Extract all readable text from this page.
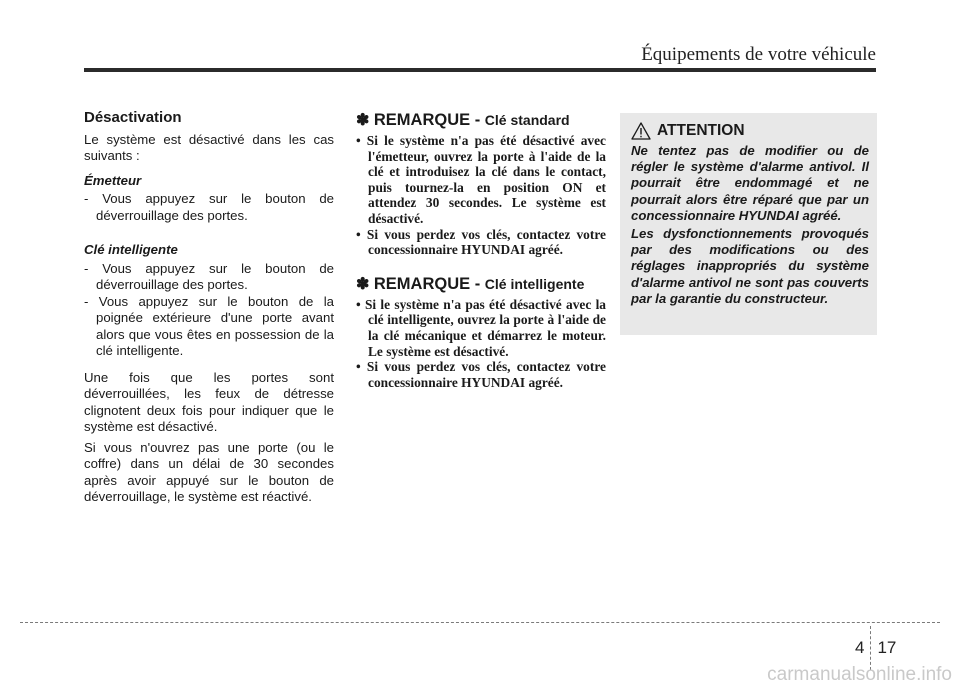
Équipements de votre véhicule
Désactivation

Le système est désactivé dans les cas suivants :

Émetteur
- Vous appuyez sur le bouton de déverrouillage des portes.
Clé intelligente
- Vous appuyez sur le bouton de déverrouillage des portes.
- Vous appuyez sur le bouton de la poignée extérieure d'une porte avant alors que vous êtes en possession de la clé intelligente.

Une fois que les portes sont déverrouillées, les feux de détresse clignotent deux fois pour indiquer que le système est désactivé.

Si vous n'ouvrez pas une porte (ou le coffre) dans un délai de 30 secondes après avoir appuyé sur le bouton de déverrouillage, le système est réactivé.

✽ REMARQUE - Clé standard
• Si le système n'a pas été désactivé avec l'émetteur, ouvrez la porte à l'aide de la clé et introduisez la clé dans le contact, puis tournez-la en position ON et attendez 30 secondes. Le système est désactivé.
• Si vous perdez vos clés, contactez votre concessionnaire HYUNDAI agréé.
✽ REMARQUE - Clé intelligente
• Si le système n'a pas été désactivé avec la clé intelligente, ouvrez la porte à l'aide de la clé mécanique et démarrez le moteur. Le système est désactivé.
• Si vous perdez vos clés, contactez votre concessionnaire HYUNDAI agréé.
ATTENTION

Ne tentez pas de modifier ou de régler le système d'alarme antivol. Il pourrait être endommagé et ne pourrait alors être réparé que par un concessionnaire HYUNDAI agréé.

Les dysfonctionnements provoqués par des modifications ou des réglages inappropriés du système d'alarme antivol ne sont pas couverts par la garantie du constructeur.

4 17
carmanualsonline.info
